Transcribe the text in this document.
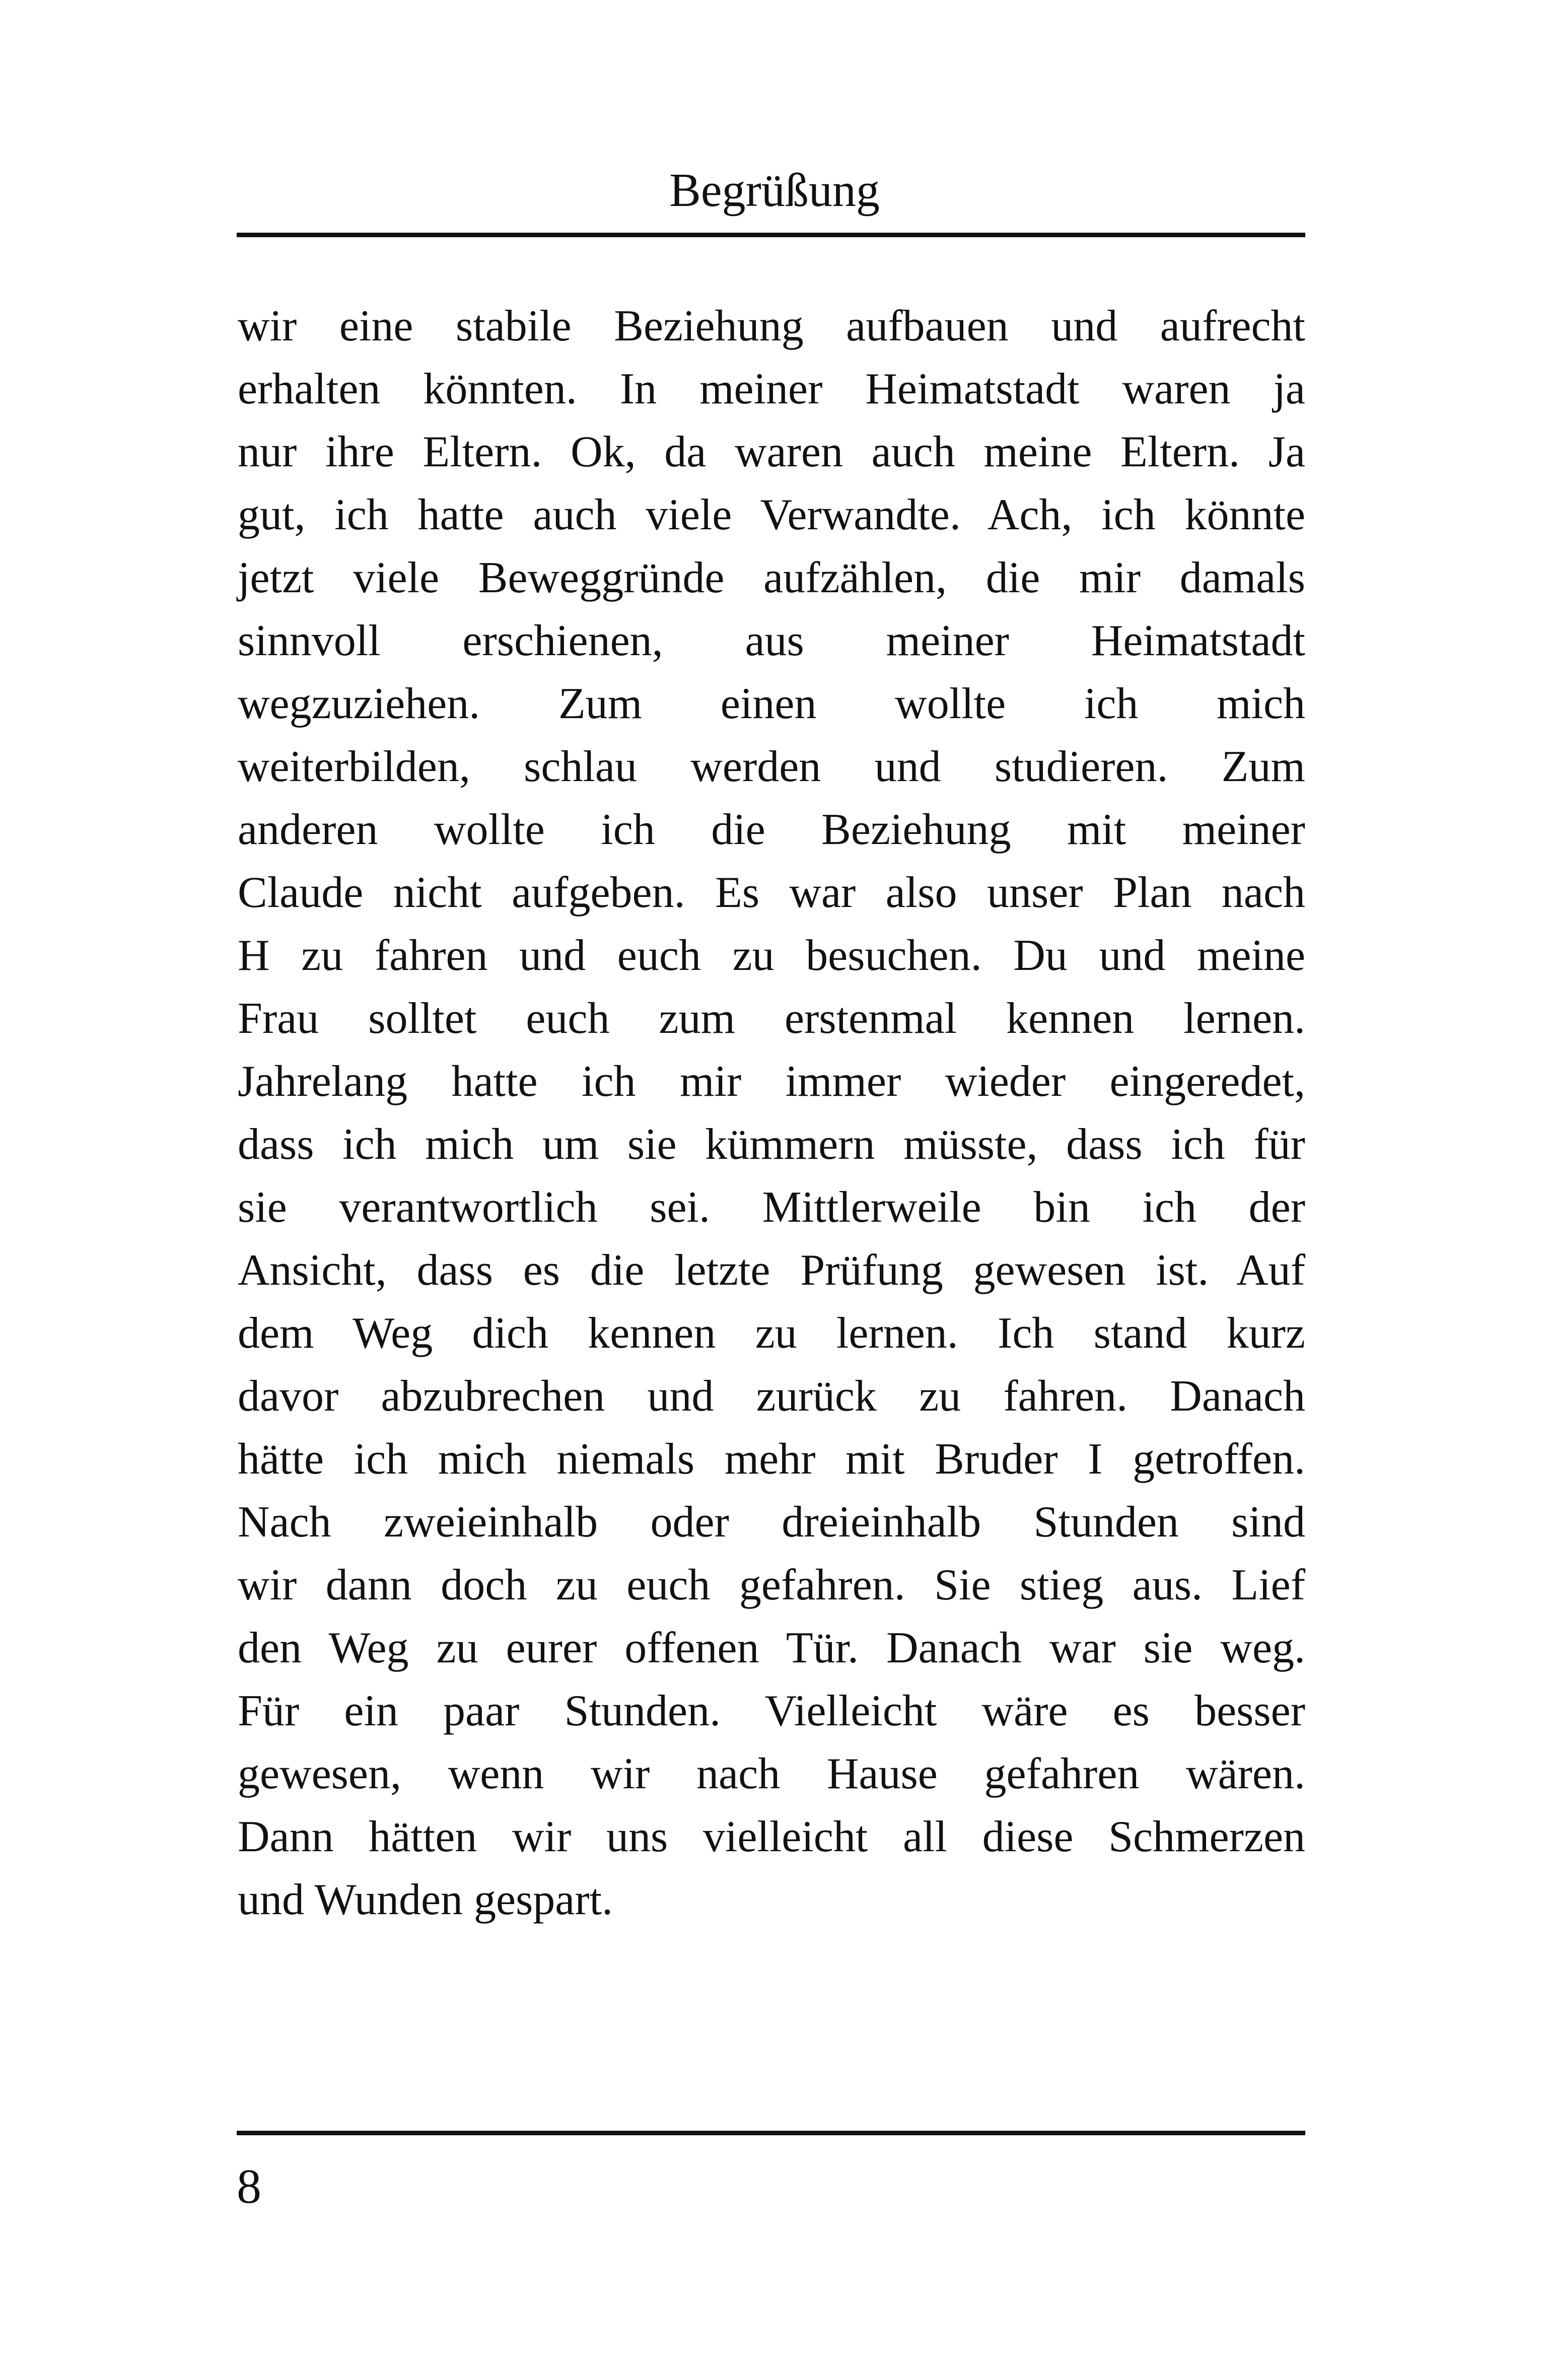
Begrüßung
wir eine stabile Beziehung aufbauen und aufrecht
erhalten könnten. In meiner Heimatstadt waren ja
nur ihre Eltern. Ok, da waren auch meine Eltern. Ja
gut, ich hatte auch viele Verwandte. Ach, ich könnte
jetzt viele Beweggründe aufzählen, die mir damals
sinnvoll erschienen, aus meiner Heimatstadt
wegzuziehen. Zum einen wollte ich mich
weiterbilden, schlau werden und studieren. Zum
anderen wollte ich die Beziehung mit meiner
Claude nicht aufgeben. Es war also unser Plan nach
H zu fahren und euch zu besuchen. Du und meine
Frau solltet euch zum erstenmal kennen lernen.
Jahrelang hatte ich mir immer wieder eingeredet,
dass ich mich um sie kümmern müsste, dass ich für
sie verantwortlich sei. Mittlerweile bin ich der
Ansicht, dass es die letzte Prüfung gewesen ist. Auf
dem Weg dich kennen zu lernen. Ich stand kurz
davor abzubrechen und zurück zu fahren. Danach
hätte ich mich niemals mehr mit Bruder I getroffen.
Nach zweieinhalb oder dreieinhalb Stunden sind
wir dann doch zu euch gefahren. Sie stieg aus. Lief
den Weg zu eurer offenen Tür. Danach war sie weg.
Für ein paar Stunden. Vielleicht wäre es besser
gewesen, wenn wir nach Hause gefahren wären.
Dann hätten wir uns vielleicht all diese Schmerzen
und Wunden gespart.
8
